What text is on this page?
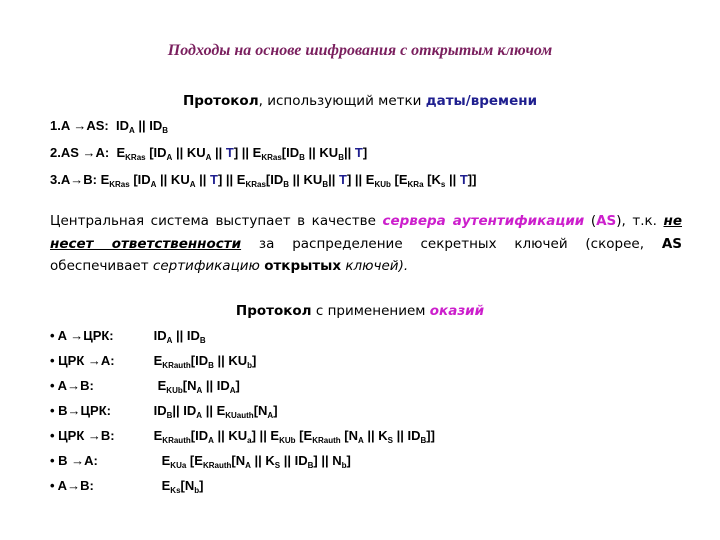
Подходы на основе шифрования с открытым ключом
Протокол, использующий метки даты/времени
1.A →AS: $ID_A$ || $ID_B$
2.AS →A: $E_{KRas}$ [$ID_A$ || $KU_A$ || T] || $E_{KRas}[ID_B$ || $KU_B||$ T]
3.A→B: $E_{KRas}$ [$ID_A$ || $KU_A$ || T] || $E_{KRas}[ID_B$ || $KU_B||$ T] || $E_{KUb}$ [$E_{KRa}$ [$K_s$ || T]]
Центральная система выступает в качестве сервера аутентификации (AS), т.к. не несет ответственности за распределение секретных ключей (скорее, AS обеспечивает сертификацию открытых ключей).
Протокол с применением оказий
• A →ЦРК:	$ID_A$ || $ID_B$
• ЦРК →A:	$E_{KRauth}[ID_B$ || $KU_b$]
• A→B:	$E_{KUb}[N_A$ || $ID_A$]
• B→ЦРК:	$ID_B||$ $ID_A$ || $E_{KUauth}[N_A]$
• ЦРК →B:	$E_{KRauth}[ID_A$ || $KU_a$] || $E_{KUb}$ [$E_{KRauth}$ [$N_A$ || $K_S$ || $ID_B$]]
• B →A:	$E_{KUa}$ [$E_{KRauth}[N_A$ || $K_S$ || $ID_B$] || $N_b$]
• A→B:	$E_{Ks}[N_b]$
